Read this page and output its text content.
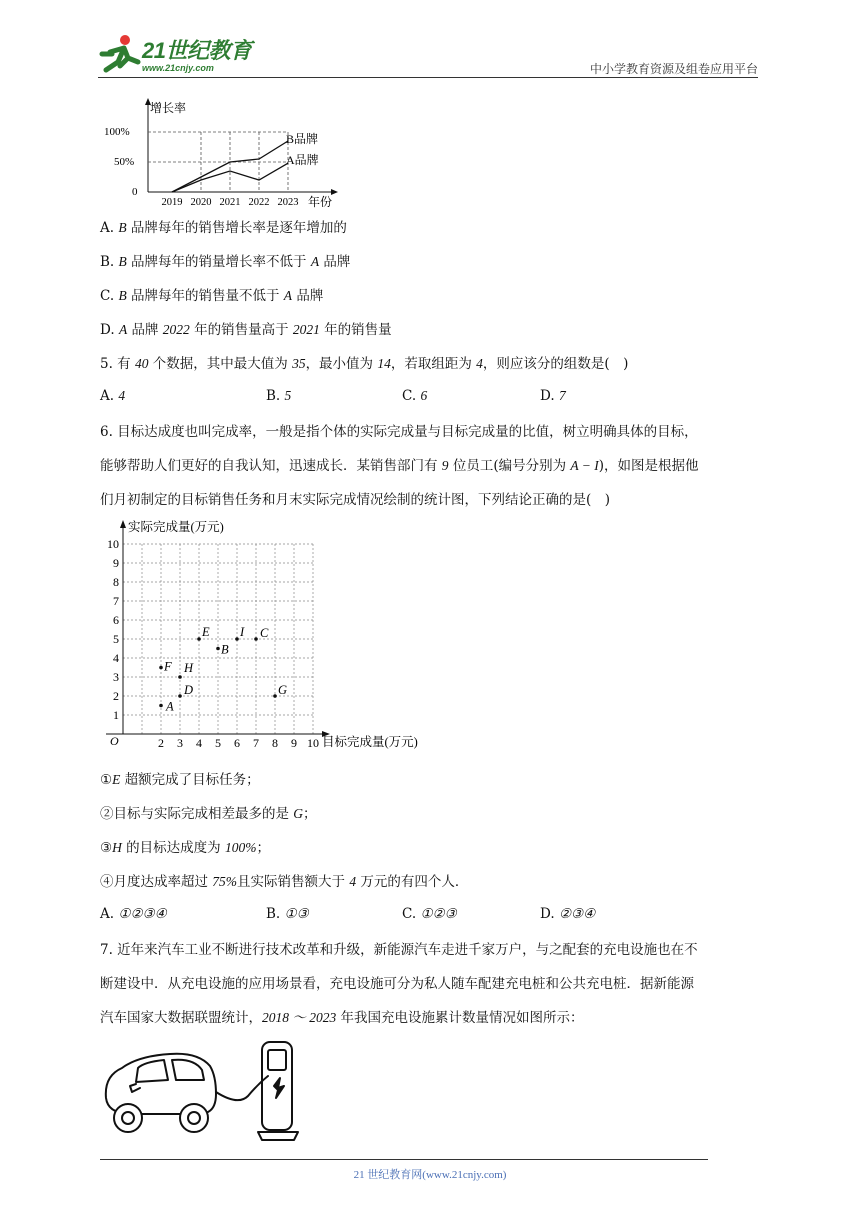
21世纪教育
www.21cnjy.com	中小学教育资源及组卷应用平台
增长率
年份
100%
50%
0
2019 2020 2021 2022 2023
B品牌
A品牌
A. B 品牌每年的销售增长率是逐年增加的
B. B 品牌每年的销量增长率不低于 A 品牌
C. B 品牌每年的销售量不低于 A 品牌
D. A 品牌 2022 年的销售量高于 2021 年的销售量
5. 有 40 个数据，其中最大值为 35，最小值为 14，若取组距为 4，则应该分的组数是(　)
A. 4	B. 5	C. 6	D. 7
6. 目标达成度也叫完成率，一般是指个体的实际完成量与目标完成量的比值，树立明确具体的目标，
能够帮助人们更好的自我认知，迅速成长．某销售部门有 9 位员工(编号分别为 A − I)，如图是根据他
们月初制定的目标销售任务和月末实际完成情况绘制的统计图，下列结论正确的是(　)
实际完成量(万元)
目标完成量(万元)
O
1
2
2
3
3
4
4
5
5
6
6
7
7
8
8
9
9
10
10
A
B
C
D
E
F
G
H
I
①E 超额完成了目标任务；
②目标与实际完成相差最多的是 G；
③H 的目标达成度为 100%；
④月度达成率超过 75%且实际销售额大于 4 万元的有四个人．
A. ①②③④	B. ①③	C. ①②③	D. ②③④
7. 近年来汽车工业不断进行技术改革和升级，新能源汽车走进千家万户，与之配套的充电设施也在不
断建设中．从充电设施的应用场景看，充电设施可分为私人随车配建充电桩和公共充电桩．据新能源
汽车国家大数据联盟统计，2018 ～ 2023 年我国充电设施累计数量情况如图所示：
21 世纪教育网(www.21cnjy.com)
